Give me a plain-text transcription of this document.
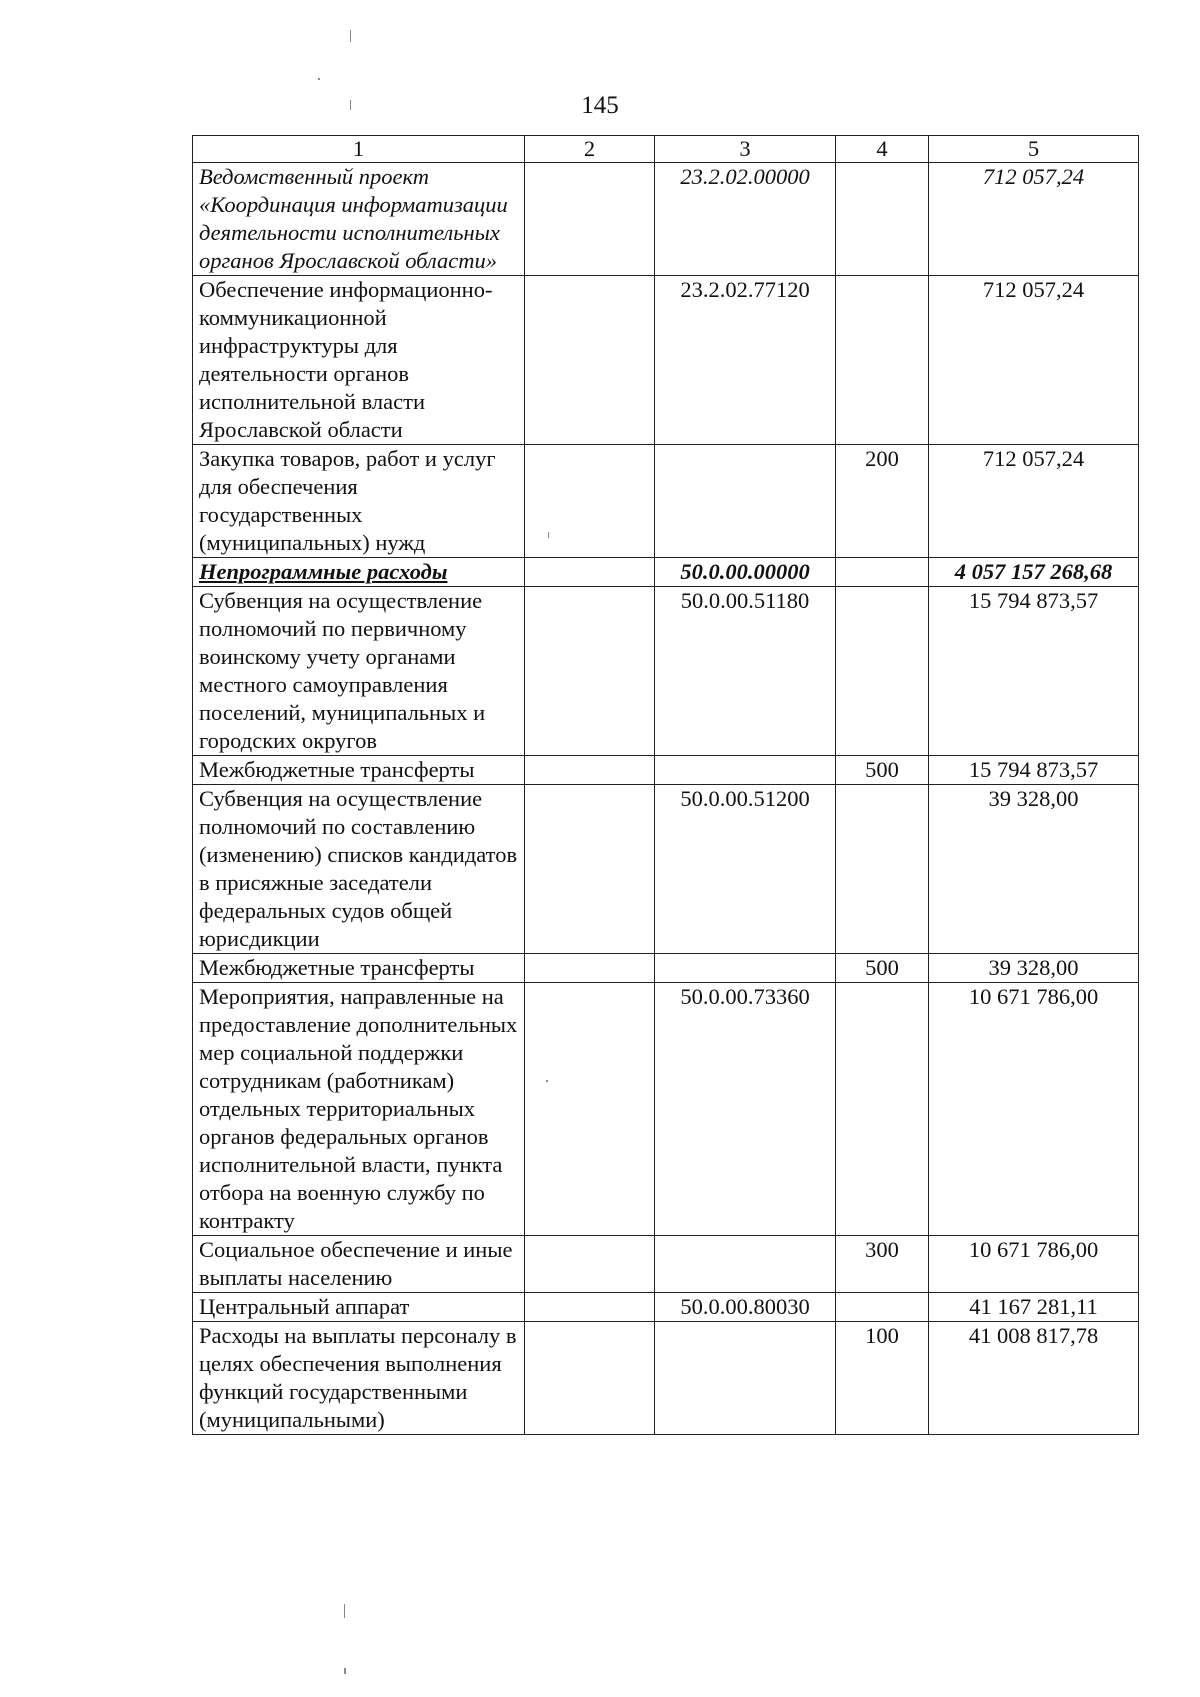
145
1	2	3	4	5
Ведомственный проект «Координация информатизации деятельности исполнительных органов Ярославской области»		23.2.02.00000		712 057,24
Обеспечение информационно-коммуникационной инфраструктуры для деятельности органов исполнительной власти Ярославской области		23.2.02.77120		712 057,24
Закупка товаров, работ и услуг для обеспечения государственных (муниципальных) нужд			200	712 057,24
Непрограммные расходы		50.0.00.00000		4 057 157 268,68
Субвенция на осуществление полномочий по первичному воинскому учету органами местного самоуправления поселений, муниципальных и городских округов		50.0.00.51180		15 794 873,57
Межбюджетные трансферты			500	15 794 873,57
Субвенция на осуществление полномочий по составлению (изменению) списков кандидатов в присяжные заседатели федеральных судов общей юрисдикции		50.0.00.51200		39 328,00
Межбюджетные трансферты			500	39 328,00
Мероприятия, направленные на предоставление дополнительных мер социальной поддержки сотрудникам (работникам) отдельных территориальных органов федеральных органов исполнительной власти, пункта отбора на военную службу по контракту		50.0.00.73360		10 671 786,00
Социальное обеспечение и иные выплаты населению			300	10 671 786,00
Центральный аппарат		50.0.00.80030		41 167 281,11
Расходы на выплаты персоналу в целях обеспечения выполнения функций государственными (муниципальными)			100	41 008 817,78
